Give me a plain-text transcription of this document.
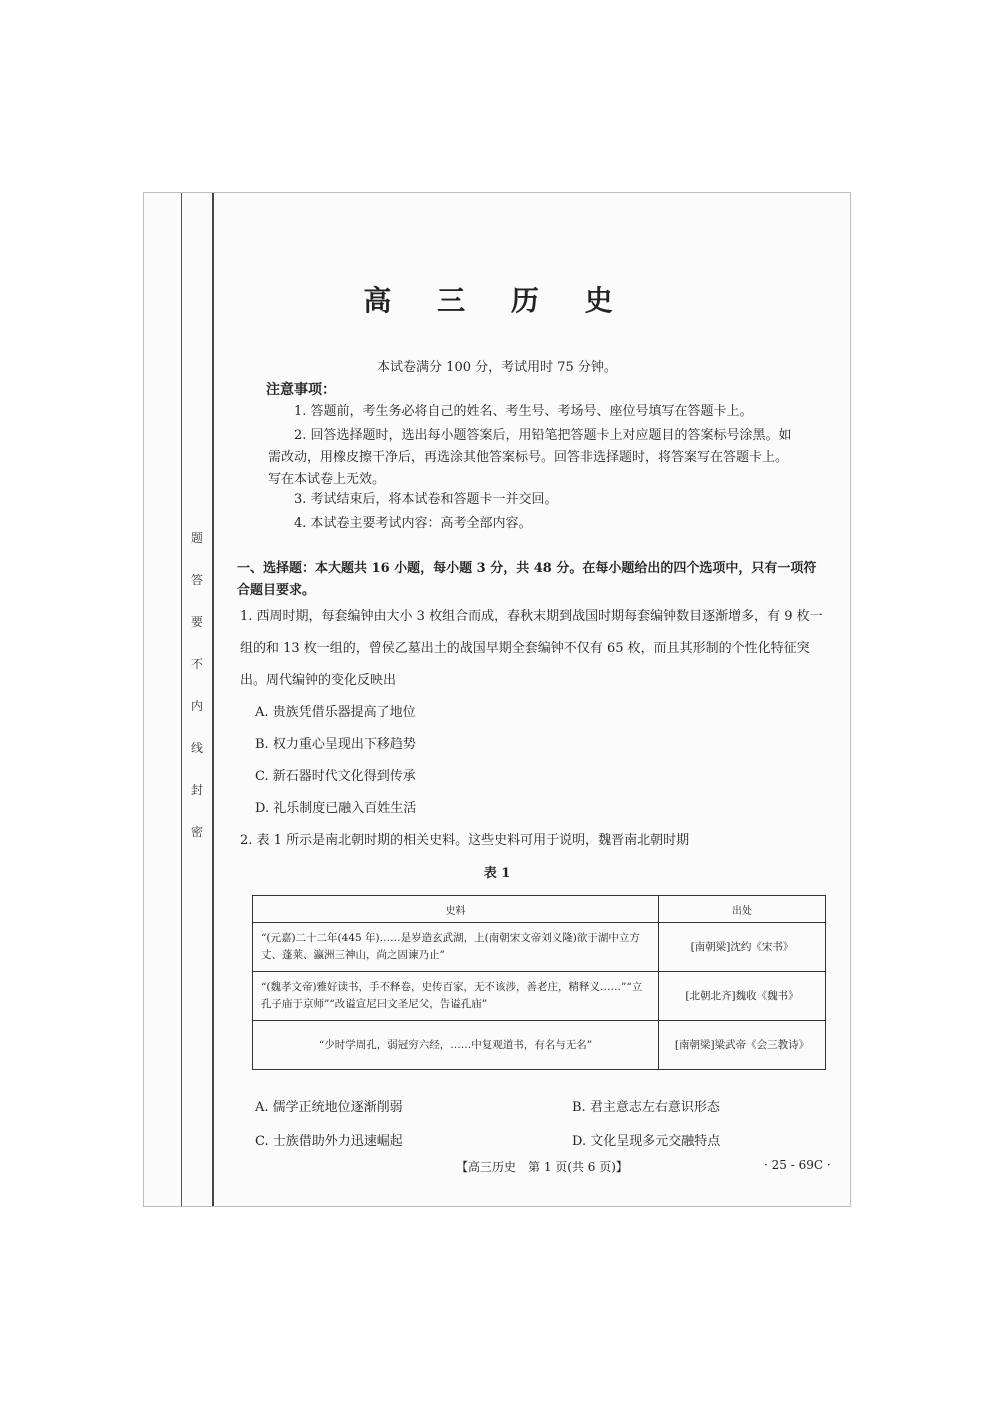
题
答
要
不
内
线
封
密
高 三 历 史
本试卷满分 100 分，考试用时 75 分钟。
注意事项：
1. 答题前，考生务必将自己的姓名、考生号、考场号、座位号填写在答题卡上。
2. 回答选择题时，选出每小题答案后，用铅笔把答题卡上对应题目的答案标号涂黑。如需改动，用橡皮擦干净后，再选涂其他答案标号。回答非选择题时，将答案写在答题卡上。写在本试卷上无效。
3. 考试结束后，将本试卷和答题卡一并交回。
4. 本试卷主要考试内容：高考全部内容。
一、选择题：本大题共 16 小题，每小题 3 分，共 48 分。在每小题给出的四个选项中，只有一项符合题目要求。
1. 西周时期，每套编钟由大小 3 枚组合而成，春秋末期到战国时期每套编钟数目逐渐增多，有 9 枚一组的和 13 枚一组的，曾侯乙墓出土的战国早期全套编钟不仅有 65 枚，而且其形制的个性化特征突出。周代编钟的变化反映出
A. 贵族凭借乐器提高了地位
B. 权力重心呈现出下移趋势
C. 新石器时代文化得到传承
D. 礼乐制度已融入百姓生活
2. 表 1 所示是南北朝时期的相关史料。这些史料可用于说明，魏晋南北朝时期
表 1
史料	出处
“(元嘉)二十二年(445 年)……是岁造玄武湖，上(南朝宋文帝刘义隆)欲于湖中立方丈、蓬莱、瀛洲三神山，尚之固谏乃止”	[南朝梁]沈约《宋书》
“(魏孝文帝)雅好读书，手不释卷，史传百家，无不该涉，善老庄，精释义……”“立孔子庙于京师”“改谥宣尼曰文圣尼父，告谥孔庙”	[北朝北齐]魏收《魏书》
“少时学周孔，弱冠穷六经，……中复观道书，有名与无名”	[南朝梁]梁武帝《会三教诗》
A. 儒学正统地位逐渐削弱	B. 君主意志左右意识形态
C. 士族借助外力迅速崛起	D. 文化呈现多元交融特点
【高三历史　第 1 页(共 6 页)】	· 25 - 69C ·
